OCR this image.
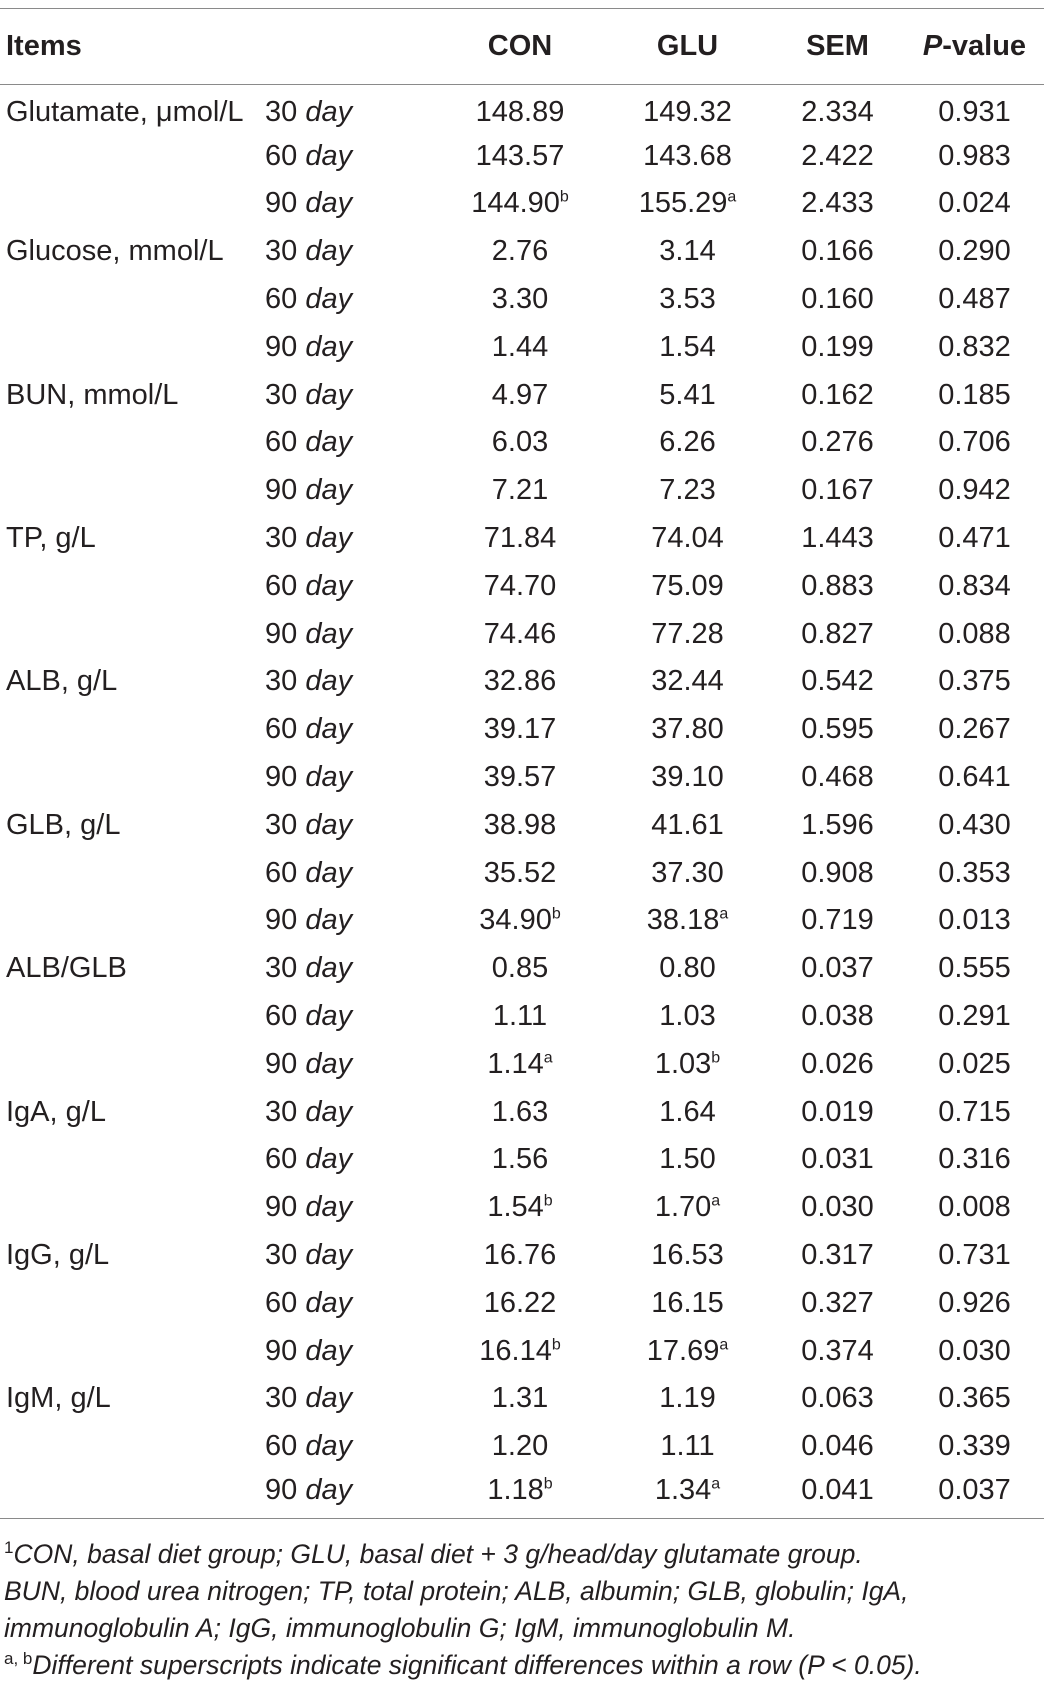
Items		CON	GLU	SEM	P-value
Glutamate, μmol/L	30 day	148.89	149.32	2.334	0.931
	60 day	143.57	143.68	2.422	0.983
	90 day	144.90$^b$	155.29$^a$	2.433	0.024
Glucose, mmol/L	30 day	2.76	3.14	0.166	0.290
	60 day	3.30	3.53	0.160	0.487
	90 day	1.44	1.54	0.199	0.832
BUN, mmol/L	30 day	4.97	5.41	0.162	0.185
	60 day	6.03	6.26	0.276	0.706
	90 day	7.21	7.23	0.167	0.942
TP, g/L	30 day	71.84	74.04	1.443	0.471
	60 day	74.70	75.09	0.883	0.834
	90 day	74.46	77.28	0.827	0.088
ALB, g/L	30 day	32.86	32.44	0.542	0.375
	60 day	39.17	37.80	0.595	0.267
	90 day	39.57	39.10	0.468	0.641
GLB, g/L	30 day	38.98	41.61	1.596	0.430
	60 day	35.52	37.30	0.908	0.353
	90 day	34.90$^b$	38.18$^a$	0.719	0.013
ALB/GLB	30 day	0.85	0.80	0.037	0.555
	60 day	1.11	1.03	0.038	0.291
	90 day	1.14$^a$	1.03$^b$	0.026	0.025
IgA, g/L	30 day	1.63	1.64	0.019	0.715
	60 day	1.56	1.50	0.031	0.316
	90 day	1.54$^b$	1.70$^a$	0.030	0.008
IgG, g/L	30 day	16.76	16.53	0.317	0.731
	60 day	16.22	16.15	0.327	0.926
	90 day	16.14$^b$	17.69$^a$	0.374	0.030
IgM, g/L	30 day	1.31	1.19	0.063	0.365
	60 day	1.20	1.11	0.046	0.339
	90 day	1.18$^b$	1.34$^a$	0.041	0.037

$^1$CON, basal diet group; GLU, basal diet + 3 g/head/day glutamate group.

BUN, blood urea nitrogen; TP, total protein; ALB, albumin; GLB, globulin; IgA,

immunoglobulin A; IgG, immunoglobulin G; IgM, immunoglobulin M.

$^{a, b}$Different superscripts indicate significant differences within a row (P < 0.05).
